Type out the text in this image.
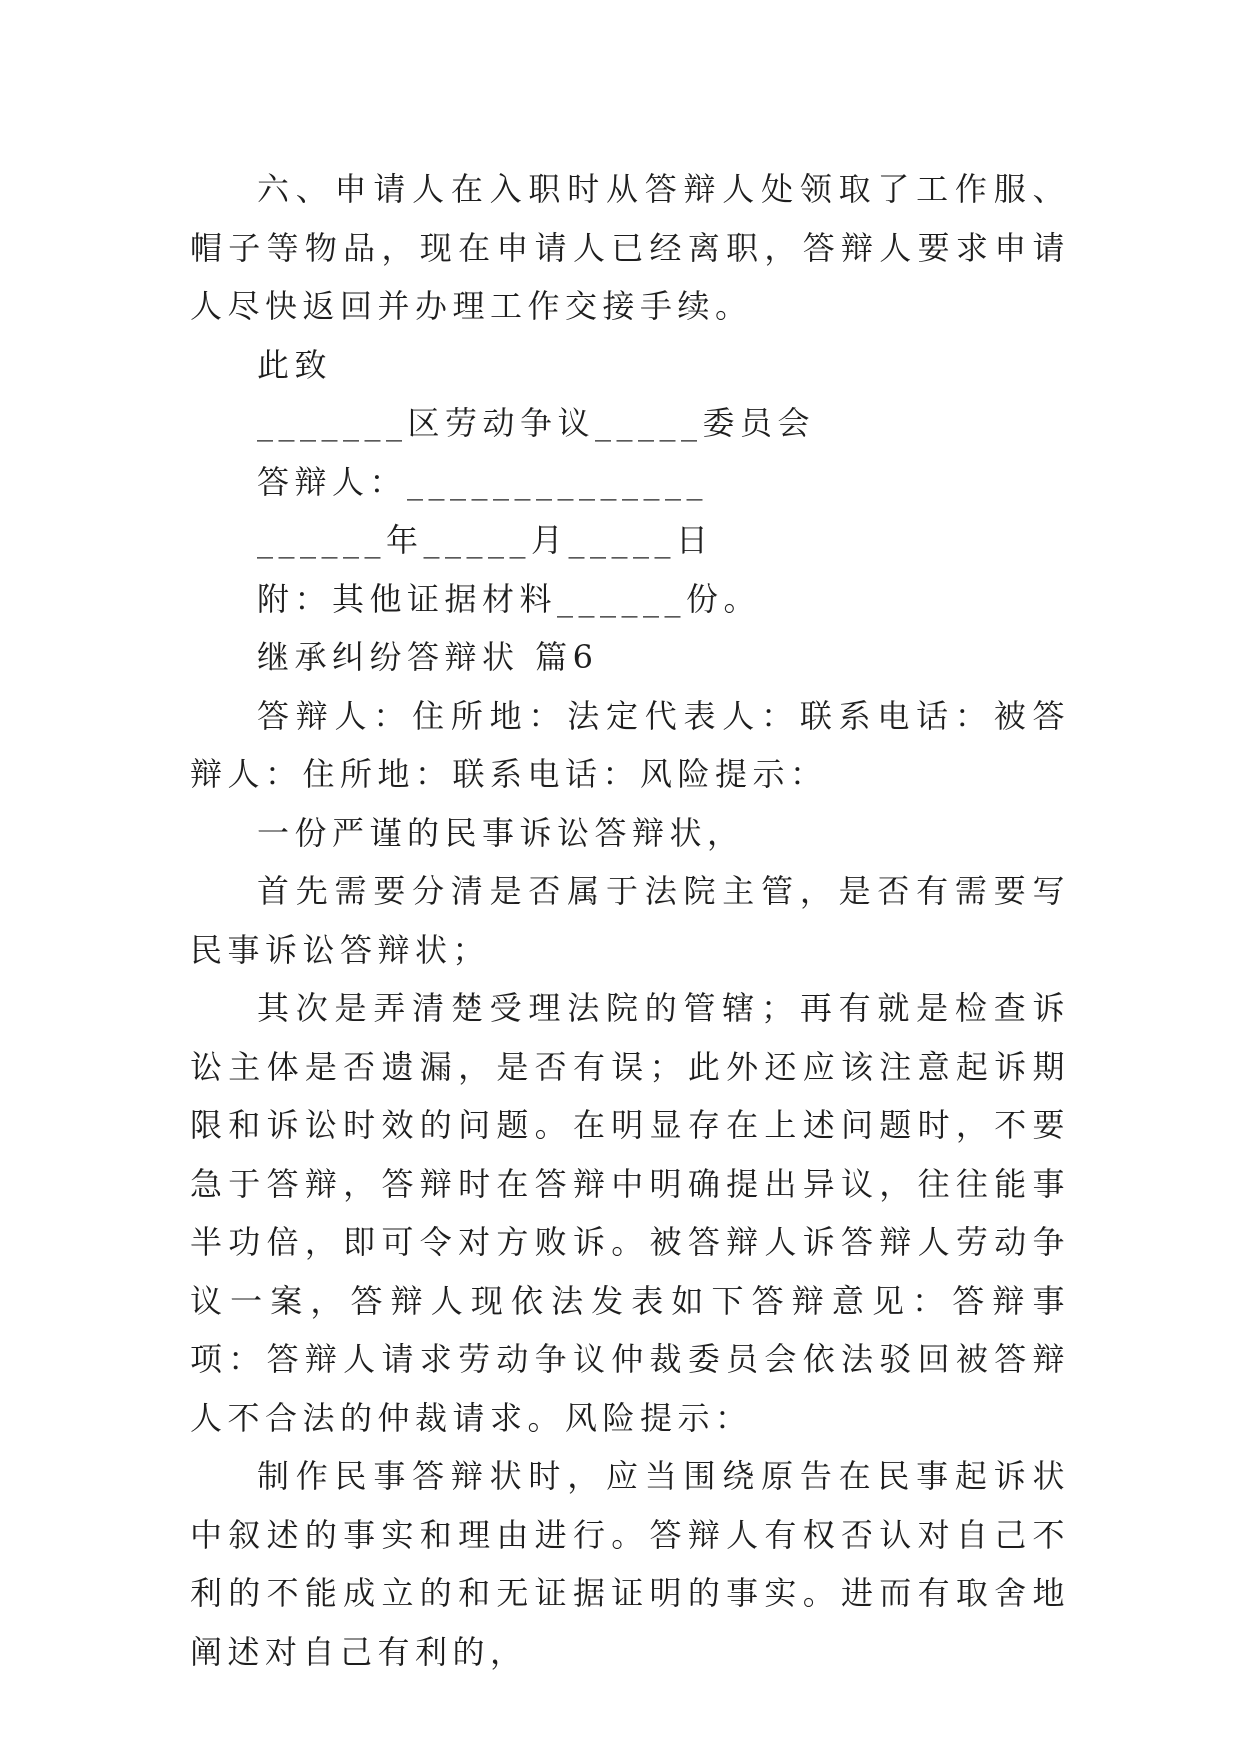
六、申请人在入职时从答辩人处领取了工作服、帽子等物品，现在申请人已经离职，答辩人要求申请人尽快返回并办理工作交接手续。

此致

_______区劳动争议_____委员会

答辩人：______________

______年_____月_____日

附：其他证据材料______份。

继承纠纷答辩状 篇6

答辩人：住所地：法定代表人：联系电话：被答辩人：住所地：联系电话：风险提示：

一份严谨的民事诉讼答辩状，

首先需要分清是否属于法院主管，是否有需要写民事诉讼答辩状；

其次是弄清楚受理法院的管辖；再有就是检查诉讼主体是否遗漏，是否有误；此外还应该注意起诉期限和诉讼时效的问题。在明显存在上述问题时，不要急于答辩，答辩时在答辩中明确提出异议，往往能事半功倍，即可令对方败诉。被答辩人诉答辩人劳动争议一案，答辩人现依法发表如下答辩意见：答辩事项：答辩人请求劳动争议仲裁委员会依法驳回被答辩人不合法的仲裁请求。风险提示：

制作民事答辩状时，应当围绕原告在民事起诉状中叙述的事实和理由进行。答辩人有权否认对自己不利的不能成立的和无证据证明的事实。进而有取舍地阐述对自己有利的，
